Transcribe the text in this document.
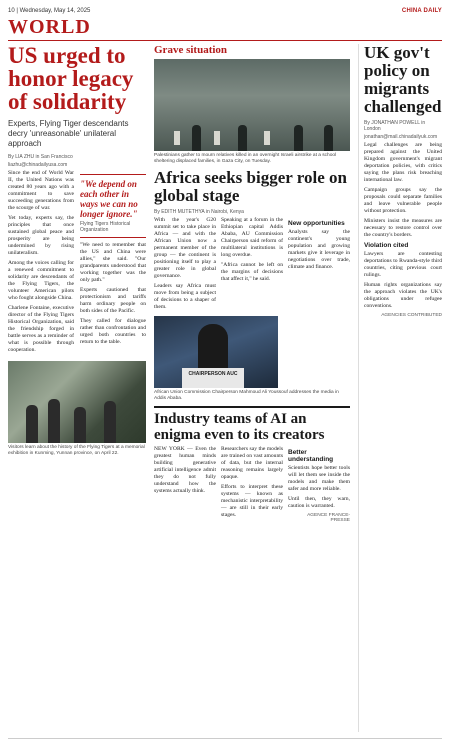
10 | Wednesday, May 14, 2025	CHINA DAILY
WORLD
US urged to honor legacy of solidarity
Experts, Flying Tiger descendants decry 'unreasonable' unilateral approach
By LIA ZHU in San Francisco
liazhu@chinadailyusa.com

Since the end of World War II, the United Nations was created 80 years ago with a commitment to save succeeding generations from the scourge of war.

Yet today, experts say, the principles that once sustained global peace and prosperity are being undermined by rising unilateralism.

Among the voices calling for a renewed commitment to solidarity are descendants of the Flying Tigers, the volunteer American pilots who fought alongside China.

Charlene Fontaine, executive director of the Flying Tigers Historical Organization, said the friendship forged in battle serves as a reminder of what is possible through cooperation.

"We depend on each other in ways we can no longer ignore."
Flying Tigers Historical Organization

"We need to remember that the US and China were allies," she said. "Our grandparents understood that working together was the only path."

Experts cautioned that protectionism and tariffs harm ordinary people on both sides of the Pacific.

They called for dialogue rather than confrontation and urged both countries to return to the table.

Visitors learn about the history of the Flying Tigers at a memorial exhibition in Kunming, Yunnan province, on April 22.
Grave situation
Palestinians gather to mourn relatives killed in an overnight Israeli airstrike at a school sheltering displaced families, in Gaza City, on Tuesday.
Africa seeks bigger role on global stage
By EDITH MUTETHYA in Nairobi, Kenya

With the year's G20 summit set to take place in Africa — and with the African Union now a permanent member of the group — the continent is positioning itself to play a greater role in global governance.

Leaders say Africa must move from being a subject of decisions to a shaper of them.

Speaking at a forum in the Ethiopian capital Addis Ababa, AU Commission Chairperson said reform of multilateral institutions is long overdue.

"Africa cannot be left on the margins of decisions that affect it," he said.

New opportunities

Analysts say the continent's young population and growing markets give it leverage in negotiations over trade, climate and finance.

CHAIRPERSON AUC
African Union Commission Chairperson Mahmoud Ali Youssouf addresses the media in Addis Ababa.
Industry teams of AI an enigma even to its creators

NEW YORK — Even the greatest human minds building generative artificial intelligence admit they do not fully understand how the systems actually think.

Researchers say the models are trained on vast amounts of data, but the internal reasoning remains largely opaque.

Efforts to interpret these systems — known as mechanistic interpretability — are still in their early stages.

Better understanding

Scientists hope better tools will let them see inside the models and make them safer and more reliable.

Until then, they warn, caution is warranted.

AGENCE FRANCE-PRESSE
UK gov't policy on migrants challenged
By JONATHAN POWELL in London
jonathan@mail.chinadailyuk.com

Legal challenges are being prepared against the United Kingdom government's migrant deportation policies, with critics saying the plans risk breaching international law.

Campaign groups say the proposals could separate families and leave vulnerable people without protection.

Ministers insist the measures are necessary to restore control over the country's borders.

Violation cited

Lawyers are contesting deportations to Rwanda-style third countries, citing previous court rulings.

Human rights organizations say the approach violates the UK's obligations under refugee conventions.

AGENCIES CONTRIBUTED
